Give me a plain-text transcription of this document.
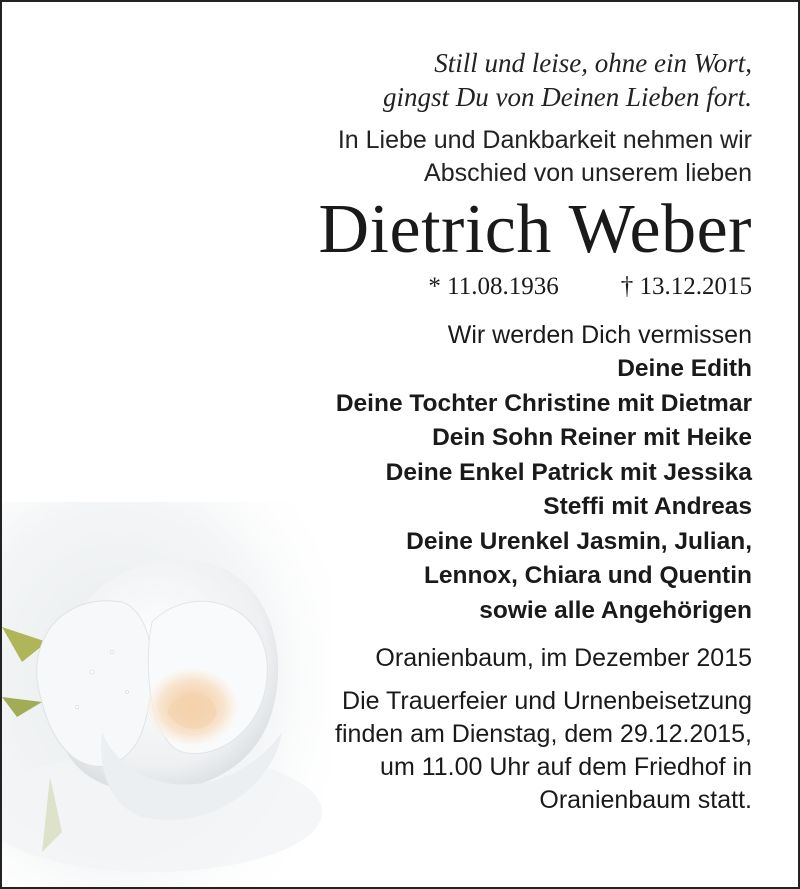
Still und leise, ohne ein Wort,
gingst Du von Deinen Lieben fort.
In Liebe und Dankbarkeit nehmen wir
Abschied von unserem lieben
Dietrich Weber
* 11.08.1936 † 13.12.2015
Wir werden Dich vermissen
Deine Edith
Deine Tochter Christine mit Dietmar
Dein Sohn Reiner mit Heike
Deine Enkel Patrick mit Jessika
Steffi mit Andreas
Deine Urenkel Jasmin, Julian,
Lennox, Chiara und Quentin
sowie alle Angehörigen
Oranienbaum, im Dezember 2015
Die Trauerfeier und Urnenbeisetzung
finden am Dienstag, dem 29.12.2015,
um 11.00 Uhr auf dem Friedhof in
Oranienbaum statt.
